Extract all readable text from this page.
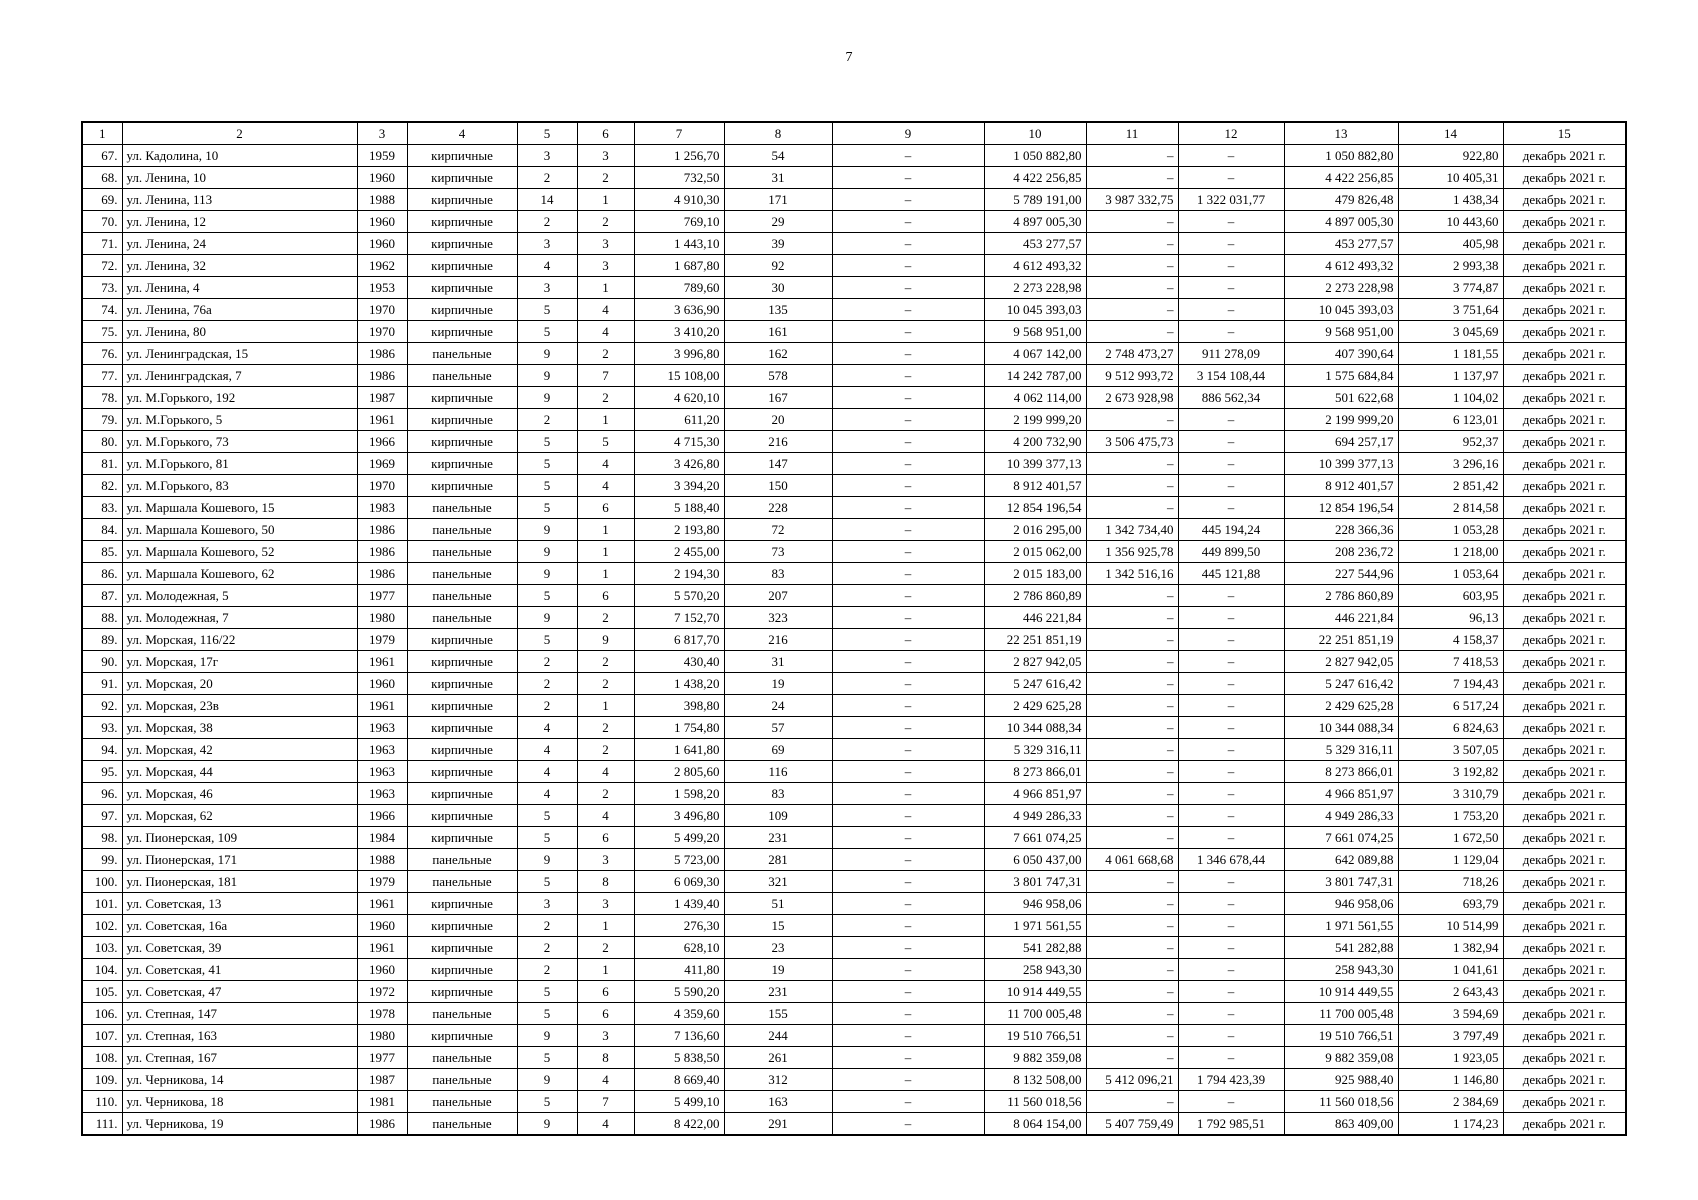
7
1	2	3	4	5	6	7	8	9	10	11	12	13	14	15
67.	ул. Кадолина, 10	1959	кирпичные	3	3	1 256,70	54	–	1 050 882,80	–	–	1 050 882,80	922,80	декабрь 2021 г.
68.	ул. Ленина, 10	1960	кирпичные	2	2	732,50	31	–	4 422 256,85	–	–	4 422 256,85	10 405,31	декабрь 2021 г.
69.	ул. Ленина, 113	1988	кирпичные	14	1	4 910,30	171	–	5 789 191,00	3 987 332,75	1 322 031,77	479 826,48	1 438,34	декабрь 2021 г.
70.	ул. Ленина, 12	1960	кирпичные	2	2	769,10	29	–	4 897 005,30	–	–	4 897 005,30	10 443,60	декабрь 2021 г.
71.	ул. Ленина, 24	1960	кирпичные	3	3	1 443,10	39	–	453 277,57	–	–	453 277,57	405,98	декабрь 2021 г.
72.	ул. Ленина, 32	1962	кирпичные	4	3	1 687,80	92	–	4 612 493,32	–	–	4 612 493,32	2 993,38	декабрь 2021 г.
73.	ул. Ленина, 4	1953	кирпичные	3	1	789,60	30	–	2 273 228,98	–	–	2 273 228,98	3 774,87	декабрь 2021 г.
74.	ул. Ленина, 76а	1970	кирпичные	5	4	3 636,90	135	–	10 045 393,03	–	–	10 045 393,03	3 751,64	декабрь 2021 г.
75.	ул. Ленина, 80	1970	кирпичные	5	4	3 410,20	161	–	9 568 951,00	–	–	9 568 951,00	3 045,69	декабрь 2021 г.
76.	ул. Ленинградская, 15	1986	панельные	9	2	3 996,80	162	–	4 067 142,00	2 748 473,27	911 278,09	407 390,64	1 181,55	декабрь 2021 г.
77.	ул. Ленинградская, 7	1986	панельные	9	7	15 108,00	578	–	14 242 787,00	9 512 993,72	3 154 108,44	1 575 684,84	1 137,97	декабрь 2021 г.
78.	ул. М.Горького, 192	1987	кирпичные	9	2	4 620,10	167	–	4 062 114,00	2 673 928,98	886 562,34	501 622,68	1 104,02	декабрь 2021 г.
79.	ул. М.Горького, 5	1961	кирпичные	2	1	611,20	20	–	2 199 999,20	–	–	2 199 999,20	6 123,01	декабрь 2021 г.
80.	ул. М.Горького, 73	1966	кирпичные	5	5	4 715,30	216	–	4 200 732,90	3 506 475,73	–	694 257,17	952,37	декабрь 2021 г.
81.	ул. М.Горького, 81	1969	кирпичные	5	4	3 426,80	147	–	10 399 377,13	–	–	10 399 377,13	3 296,16	декабрь 2021 г.
82.	ул. М.Горького, 83	1970	кирпичные	5	4	3 394,20	150	–	8 912 401,57	–	–	8 912 401,57	2 851,42	декабрь 2021 г.
83.	ул. Маршала Кошевого, 15	1983	панельные	5	6	5 188,40	228	–	12 854 196,54	–	–	12 854 196,54	2 814,58	декабрь 2021 г.
84.	ул. Маршала Кошевого, 50	1986	панельные	9	1	2 193,80	72	–	2 016 295,00	1 342 734,40	445 194,24	228 366,36	1 053,28	декабрь 2021 г.
85.	ул. Маршала Кошевого, 52	1986	панельные	9	1	2 455,00	73	–	2 015 062,00	1 356 925,78	449 899,50	208 236,72	1 218,00	декабрь 2021 г.
86.	ул. Маршала Кошевого, 62	1986	панельные	9	1	2 194,30	83	–	2 015 183,00	1 342 516,16	445 121,88	227 544,96	1 053,64	декабрь 2021 г.
87.	ул. Молодежная, 5	1977	панельные	5	6	5 570,20	207	–	2 786 860,89	–	–	2 786 860,89	603,95	декабрь 2021 г.
88.	ул. Молодежная, 7	1980	панельные	9	2	7 152,70	323	–	446 221,84	–	–	446 221,84	96,13	декабрь 2021 г.
89.	ул. Морская, 116/22	1979	кирпичные	5	9	6 817,70	216	–	22 251 851,19	–	–	22 251 851,19	4 158,37	декабрь 2021 г.
90.	ул. Морская, 17г	1961	кирпичные	2	2	430,40	31	–	2 827 942,05	–	–	2 827 942,05	7 418,53	декабрь 2021 г.
91.	ул. Морская, 20	1960	кирпичные	2	2	1 438,20	19	–	5 247 616,42	–	–	5 247 616,42	7 194,43	декабрь 2021 г.
92.	ул. Морская, 23в	1961	кирпичные	2	1	398,80	24	–	2 429 625,28	–	–	2 429 625,28	6 517,24	декабрь 2021 г.
93.	ул. Морская, 38	1963	кирпичные	4	2	1 754,80	57	–	10 344 088,34	–	–	10 344 088,34	6 824,63	декабрь 2021 г.
94.	ул. Морская, 42	1963	кирпичные	4	2	1 641,80	69	–	5 329 316,11	–	–	5 329 316,11	3 507,05	декабрь 2021 г.
95.	ул. Морская, 44	1963	кирпичные	4	4	2 805,60	116	–	8 273 866,01	–	–	8 273 866,01	3 192,82	декабрь 2021 г.
96.	ул. Морская, 46	1963	кирпичные	4	2	1 598,20	83	–	4 966 851,97	–	–	4 966 851,97	3 310,79	декабрь 2021 г.
97.	ул. Морская, 62	1966	кирпичные	5	4	3 496,80	109	–	4 949 286,33	–	–	4 949 286,33	1 753,20	декабрь 2021 г.
98.	ул. Пионерская, 109	1984	кирпичные	5	6	5 499,20	231	–	7 661 074,25	–	–	7 661 074,25	1 672,50	декабрь 2021 г.
99.	ул. Пионерская, 171	1988	панельные	9	3	5 723,00	281	–	6 050 437,00	4 061 668,68	1 346 678,44	642 089,88	1 129,04	декабрь 2021 г.
100.	ул. Пионерская, 181	1979	панельные	5	8	6 069,30	321	–	3 801 747,31	–	–	3 801 747,31	718,26	декабрь 2021 г.
101.	ул. Советская, 13	1961	кирпичные	3	3	1 439,40	51	–	946 958,06	–	–	946 958,06	693,79	декабрь 2021 г.
102.	ул. Советская, 16а	1960	кирпичные	2	1	276,30	15	–	1 971 561,55	–	–	1 971 561,55	10 514,99	декабрь 2021 г.
103.	ул. Советская, 39	1961	кирпичные	2	2	628,10	23	–	541 282,88	–	–	541 282,88	1 382,94	декабрь 2021 г.
104.	ул. Советская, 41	1960	кирпичные	2	1	411,80	19	–	258 943,30	–	–	258 943,30	1 041,61	декабрь 2021 г.
105.	ул. Советская, 47	1972	кирпичные	5	6	5 590,20	231	–	10 914 449,55	–	–	10 914 449,55	2 643,43	декабрь 2021 г.
106.	ул. Степная, 147	1978	панельные	5	6	4 359,60	155	–	11 700 005,48	–	–	11 700 005,48	3 594,69	декабрь 2021 г.
107.	ул. Степная, 163	1980	кирпичные	9	3	7 136,60	244	–	19 510 766,51	–	–	19 510 766,51	3 797,49	декабрь 2021 г.
108.	ул. Степная, 167	1977	панельные	5	8	5 838,50	261	–	9 882 359,08	–	–	9 882 359,08	1 923,05	декабрь 2021 г.
109.	ул. Черникова, 14	1987	панельные	9	4	8 669,40	312	–	8 132 508,00	5 412 096,21	1 794 423,39	925 988,40	1 146,80	декабрь 2021 г.
110.	ул. Черникова, 18	1981	панельные	5	7	5 499,10	163	–	11 560 018,56	–	–	11 560 018,56	2 384,69	декабрь 2021 г.
111.	ул. Черникова, 19	1986	панельные	9	4	8 422,00	291	–	8 064 154,00	5 407 759,49	1 792 985,51	863 409,00	1 174,23	декабрь 2021 г.
